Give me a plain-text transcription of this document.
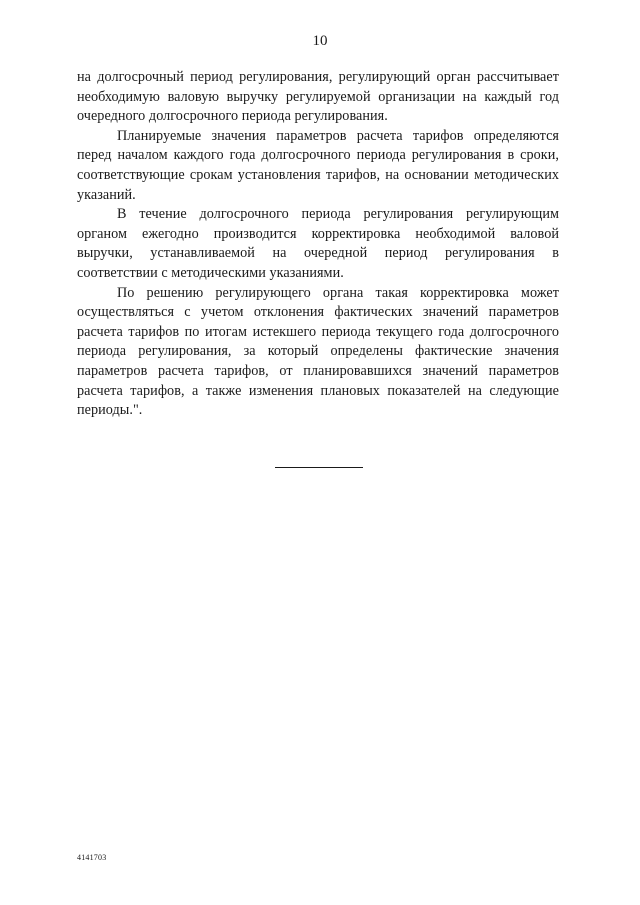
10

на долгосрочный период регулирования, регулирующий орган рассчитывает необходимую валовую выручку регулируемой организации на каждый год очередного долгосрочного периода регулирования.

Планируемые значения параметров расчета тарифов определяются перед началом каждого года долгосрочного периода регулирования в сроки, соответствующие срокам установления тарифов, на основании методических указаний.

В течение долгосрочного периода регулирования регулирующим органом ежегодно производится корректировка необходимой валовой выручки, устанавливаемой на очередной период регулирования в соответствии с методическими указаниями.

По решению регулирующего органа такая корректировка может осуществляться с учетом отклонения фактических значений параметров расчета тарифов по итогам истекшего периода текущего года долгосрочного периода регулирования, за который определены фактические значения параметров расчета тарифов, от планировавшихся значений параметров расчета тарифов, а также изменения плановых показателей на следующие периоды.".

4141703
